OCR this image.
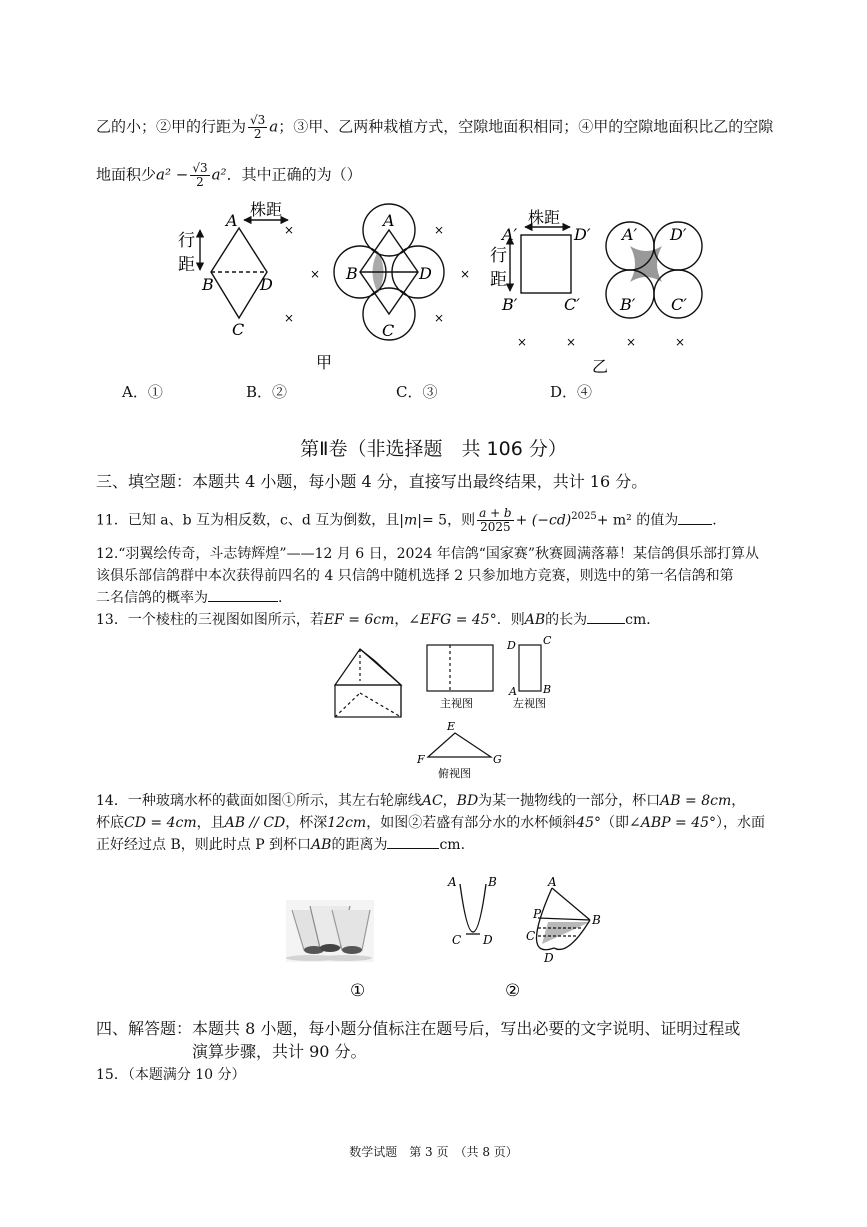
乙的小；②甲的行距为 $\frac{√3}{2}$ a；③甲、乙两种栽植方式，空隙地面积相同；④甲的空隙地面积比乙的空隙
地面积少$a^2 - \frac{√3}{2} a^2$．其中正确的为（）
株距
行
距
A
B	D
C
×
×
×
A
B	D
C
×
×
×
株距
行
距
A′	D′
B′	C′
×	×
A′ D′
B′ C′
×	×
甲	乙
A．①	B．②	C．③	D．④
第Ⅱ卷（非选择题　共 106 分）
三、填空题：本题共 4 小题，每小题 4 分，直接写出最终结果，共计 16 分。
11．已知 a、b 互为相反数，c、d 互为倒数，且|m|= 5，则 $\frac{a + b}{2025} + (-cd)^{2025}+ m^2$ 的值为 .
12.“羽翼绘传奇，斗志铸辉煌”——12 月 6 日，2024 年信鸽“国家赛”秋赛圆满落幕！某信鸽俱乐部打算从
该俱乐部信鸽群中本次获得前四名的 4 只信鸽中随机选择 2 只参加地方竞赛，则选中的第一名信鸽和第
二名信鸽的概率为	.
13．一个棱柱的三视图如图所示，若EF = 6cm，∠EFG = 45°．则AB的长为	cm．
主视图
D C
A B
左视图
E
F	G
俯视图
14．一种玻璃水杯的截面如图①所示，其左右轮廓线AC，BD为某一抛物线的一部分，杯口AB = 8cm，
杯底CD = 4cm，且AB // CD，杯深12cm，如图②若盛有部分水的水杯倾斜45°（即∠ABP = 45°），水面
正好经过点 B，则此时点 P 到杯口AB的距离为	cm.
A	B
C D
A
P	B
C
D
①	②
四、解答题：本题共 8 小题，每小题分值标注在题号后，写出必要的文字说明、证明过程或
演算步骤，共计 90 分。
15．（本题满分 10 分）
数学试题　第 3 页　（共 8 页）
